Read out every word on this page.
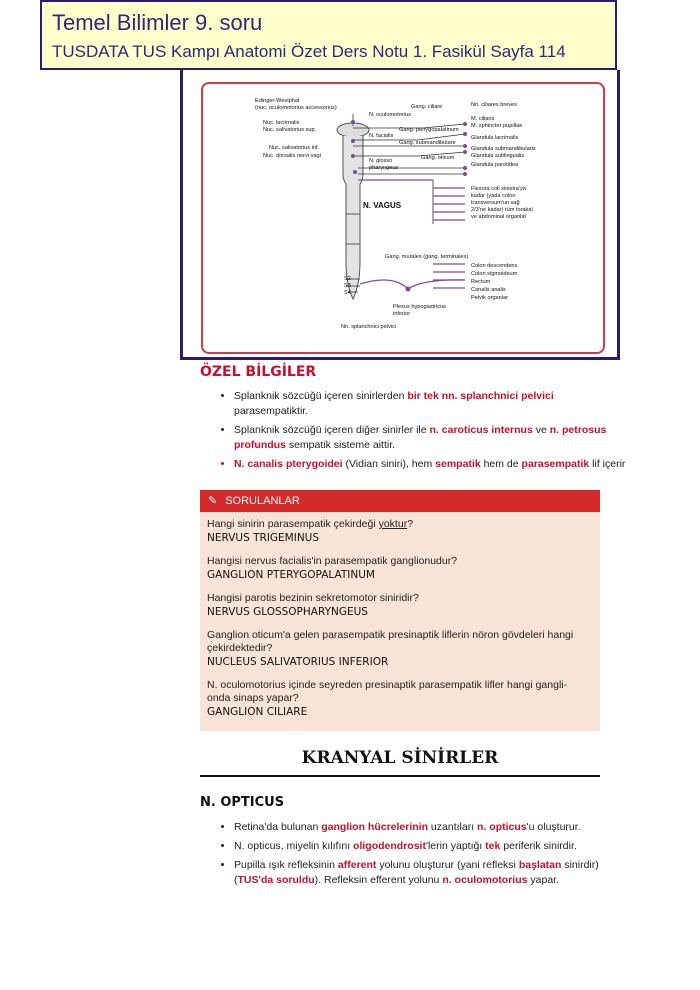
Temel Bilimler 9. soru
TUSDATA TUS Kampı Anatomi Özet Ders Notu 1. Fasikül Sayfa 114
Edinger-Westphal
(nuc. oculomotorius accessorius)
Nuc. lacrimalis
Nuc. salivatorius sup.
Nuc. salivatorius inf.
Nuc. dorsalis nervi vagi
N. oculomotorius
N. facialis
N. glosso
pharyngeus
Gang. ciliare
Gang. pterygopalatinum
Gang. submandibulare
Gang. oticum
Nn. ciliares breves
M. ciliaris
M. sphincter pupillae
Glandula lacrimalis
Glandula submandibularis
Glandula sublingualis
Glandula parotidea
Flexura coli sinistra'ya
kadar (yada colon
transversum'un sağ
2/3'ne kadar) tüm torakal
ve abdominal organlar
N. VAGUS
Gang. murales (gang. terminales)
S2
S3
S4
Colon descendens
Colon sigmoideum
Rectum
Canalis analis
Pelvik organlar
Plexus hypogastricus
inferior
Nn. splanchnici pelvici
ÖZEL BİLGİLER
• Splanknik sözcüğü içeren sinirlerden bir tek nn. splanchnici pelvici parasempatiktir.
• Splanknik sözcüğü içeren diğer sinirler ile n. caroticus internus ve n. petrosus profundus sempatik sisteme aittir.
• N. canalis pterygoidei (Vidian siniri), hem sempatik hem de parasempatik lif içerir
✎ SORULANLAR
Hangi sinirin parasempatik çekirdeği yoktur?
NERVUS TRIGEMINUS
Hangisi nervus facialis'in parasempatik ganglionudur?
GANGLION PTERYGOPALATINUM
Hangisi parotis bezinin sekretomotor siniridir?
NERVUS GLOSSOPHARYNGEUS
Ganglion oticum'a gelen parasempatik presinaptik liflerin nöron gövdeleri hangi
çekirdektedir?
NUCLEUS SALIVATORIUS INFERIOR
N. oculomotorius içinde seyreden presinaptik parasempatik lifler hangi gangli-
onda sinaps yapar?
GANGLION CILIARE
KRANYAL SİNİRLER
N. OPTICUS
• Retina'da bulunan ganglion hücrelerinin uzantıları n. opticus'u oluşturur.
• N. opticus, miyelin kılıfını oligodendrosit'lerin yaptığı tek periferik sinirdir.
• Pupilla ışık refleksinin afferent yolunu oluşturur (yani refleksi başlatan sinirdir)
(TUS'da soruldu). Refleksin efferent yolunu n. oculomotorius yapar.
